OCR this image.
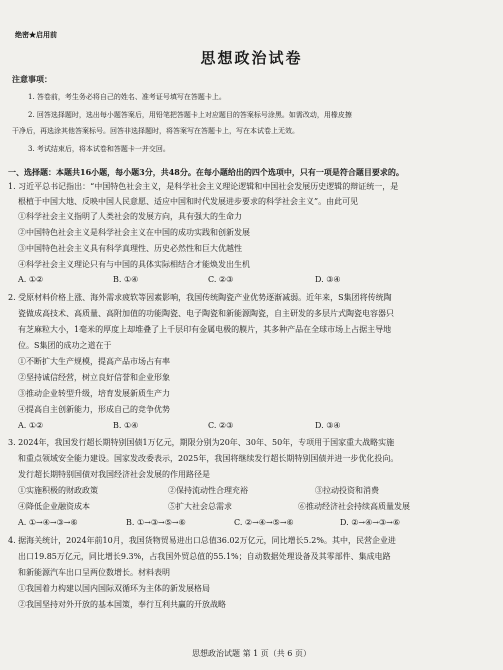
绝密★启用前
思想政治试卷
注意事项：
1. 答卷前，考生务必将自己的姓名、准考证号填写在答题卡上。
2. 回答选择题时，选出每小题答案后，用铅笔把答题卡上对应题目的答案标号涂黑。如需改动，用橡皮擦
干净后，再选涂其他答案标号。回答非选择题时，将答案写在答题卡上，写在本试卷上无效。
3. 考试结束后，将本试卷和答题卡一并交回。
一、选择题：本题共16小题，每小题3分，共48分。在每小题给出的四个选项中，只有一项是符合题目要求的。
1. 习近平总书记指出：“中国特色社会主义，是科学社会主义理论逻辑和中国社会发展历史逻辑的辩证统一，是
根植于中国大地、反映中国人民意愿、适应中国和时代发展进步要求的科学社会主义”。由此可见
①科学社会主义指明了人类社会的发展方向，具有强大的生命力
②中国特色社会主义是科学社会主义在中国的成功实践和创新发展
③中国特色社会主义具有科学真理性、历史必然性和巨大优越性
④科学社会主义理论只有与中国的具体实际相结合才能焕发出生机
A. ①②	B. ①④	C. ②③	D. ③④
2. 受原材料价格上涨、海外需求疲软等因素影响，我国传统陶瓷产业优势逐渐减弱。近年来，S集团将传统陶
瓷做成高技术、高质量、高附加值的功能陶瓷、电子陶瓷和新能源陶瓷，自主研发的多层片式陶瓷电容器只
有芝麻粒大小，1毫米的厚度上却堆叠了上千层印有金属电极的膜片，其多种产品在全球市场上占据主导地
位。S集团的成功之道在于
①不断扩大生产规模，提高产品市场占有率
②坚持诚信经营，树立良好信誉和企业形象
③推动企业转型升级，培育发展新质生产力
④提高自主创新能力，形成自己的竞争优势
A. ①②	B. ①④	C. ②③	D. ③④
3. 2024年，我国发行超长期特别国债1万亿元，期限分别为20年、30年、50年，专项用于国家重大战略实施
和重点领域安全能力建设。国家发改委表示，2025年，我国将继续发行超长期特别国债并进一步优化投向。
发行超长期特别国债对我国经济社会发展的作用路径是
①实施积极的财政政策	②保持流动性合理充裕	③拉动投资和消费
④降低企业融资成本	⑤扩大社会总需求	⑥推动经济社会持续高质量发展
A. ①→④→③→⑥	B. ①→③→⑤→⑥	C. ②→④→⑤→⑥	D. ②→④→③→⑥
4. 据海关统计，2024年前10月，我国货物贸易进出口总值36.02万亿元，同比增长5.2%。其中，民营企业进
出口19.85万亿元，同比增长9.3%，占我国外贸总值的55.1%；自动数据处理设备及其零部件、集成电路
和新能源汽车出口呈两位数增长。材料表明
①我国着力构建以国内国际双循环为主体的新发展格局
②我国坚持对外开放的基本国策，奉行互利共赢的开放战略
思想政治试题 第 1 页（共 6 页）
